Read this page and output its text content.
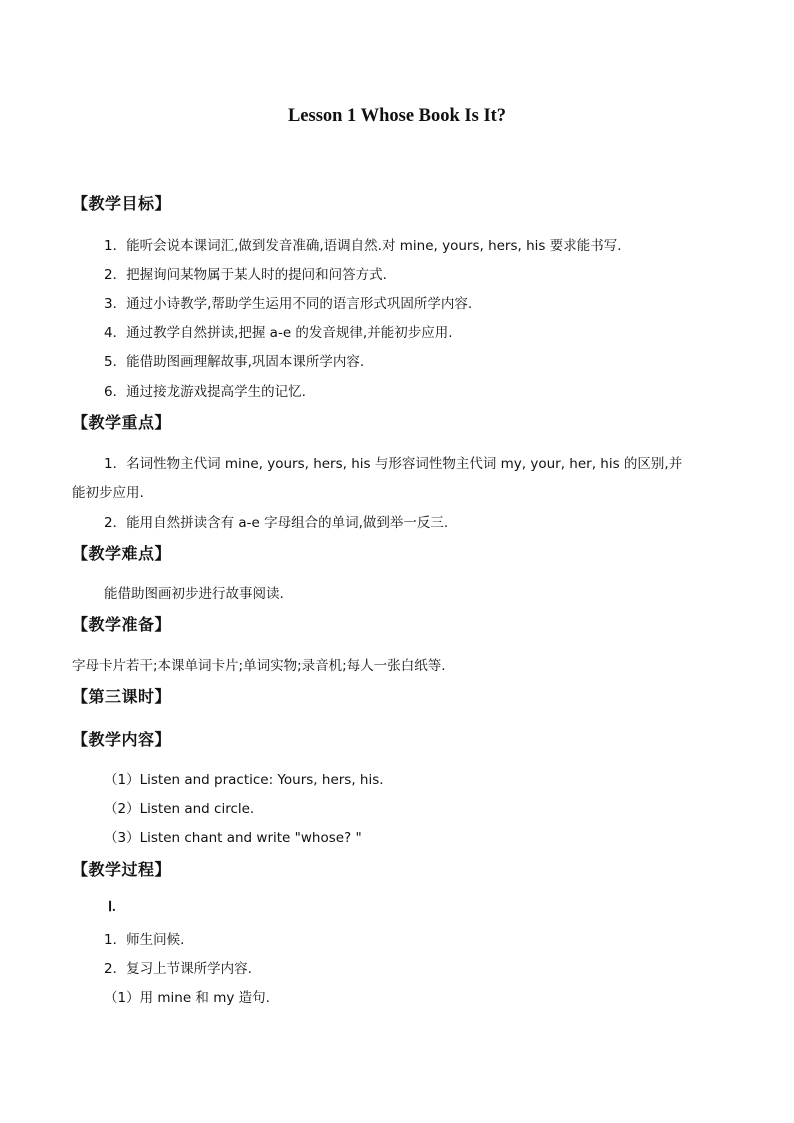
Lesson 1 Whose Book Is It?
【教学目标】
1．能听会说本课词汇,做到发音准确,语调自然.对 mine, yours, hers, his 要求能书写.
2．把握询问某物属于某人时的提问和问答方式.
3．通过小诗教学,帮助学生运用不同的语言形式巩固所学内容.
4．通过教学自然拼读,把握 a-e 的发音规律,并能初步应用.
5．能借助图画理解故事,巩固本课所学内容.
6．通过接龙游戏提高学生的记忆.
【教学重点】
1．名词性物主代词 mine, yours, hers, his 与形容词性物主代词 my, your, her, his 的区别,并
能初步应用.
2．能用自然拼读含有 a-e 字母组合的单词,做到举一反三.
【教学难点】
能借助图画初步进行故事阅读.
【教学准备】
字母卡片若干;本课单词卡片;单词实物;录音机;每人一张白纸等.
【第三课时】
【教学内容】
（1）Listen and practice: Yours, hers, his.
（2）Listen and circle.
（3）Listen chant and write "whose? "
【教学过程】
Ⅰ.
1．师生问候.
2．复习上节课所学内容.
（1）用 mine 和 my 造句.
